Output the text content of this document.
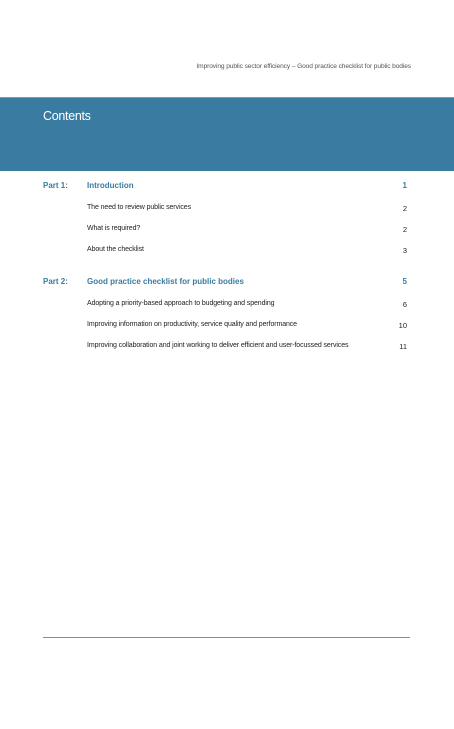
Improving public sector efficiency – Good practice checklist for public bodies
Contents
Part 1: Introduction	1
The need to review public services	2
What is required?	2
About the checklist	3
Part 2: Good practice checklist for public bodies	5
Adopting a priority-based approach to budgeting and spending	6
Improving information on productivity, service quality and performance	10
Improving collaboration and joint working to deliver efficient and user-focussed services	11
